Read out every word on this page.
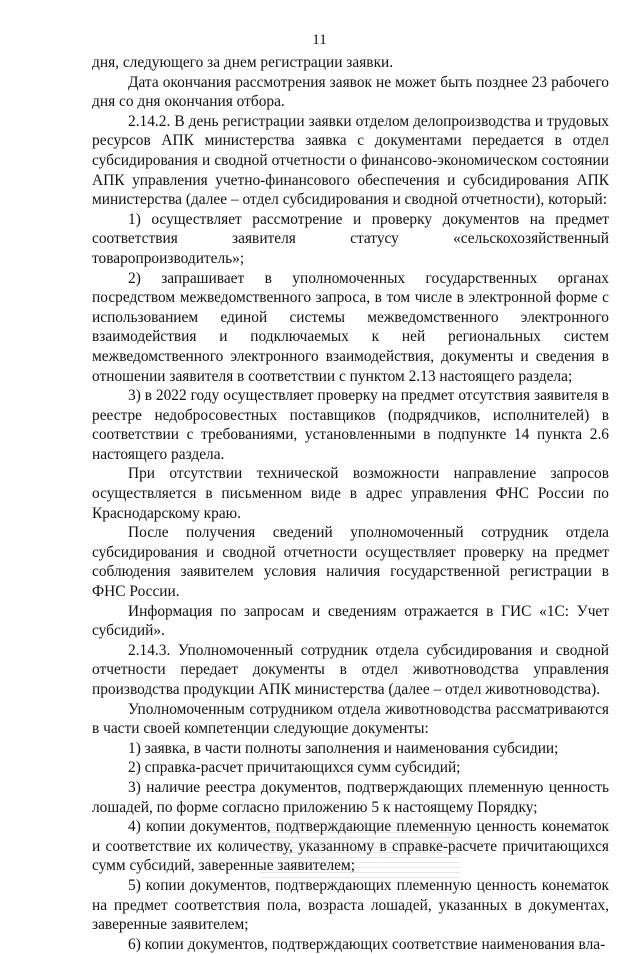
11

дня, следующего за днем регистрации заявки.

Дата окончания рассмотрения заявок не может быть позднее 23 рабочего дня со дня окончания отбора.

2.14.2. В день регистрации заявки отделом делопроизводства и трудовых ресурсов АПК министерства заявка с документами передается в отдел субсидирования и сводной отчетности о финансово-экономическом состоянии АПК управления учетно-финансового обеспечения и субсидирования АПК министерства (далее – отдел субсидирования и сводной отчетности), который:

1) осуществляет рассмотрение и проверку документов на предмет соответствия заявителя статусу «сельскохозяйственный товаропроизводитель»;

2) запрашивает в уполномоченных государственных органах посредством межведомственного запроса, в том числе в электронной форме с использованием единой системы межведомственного электронного взаимодействия и подключаемых к ней региональных систем межведомственного электронного взаимодействия, документы и сведения в отношении заявителя в соответствии с пунктом 2.13 настоящего раздела;

3) в 2022 году осуществляет проверку на предмет отсутствия заявителя в реестре недобросовестных поставщиков (подрядчиков, исполнителей) в соответствии с требованиями, установленными в подпункте 14 пункта 2.6 настоящего раздела.

При отсутствии технической возможности направление запросов осуществляется в письменном виде в адрес управления ФНС России по Краснодарскому краю.

После получения сведений уполномоченный сотрудник отдела субсидирования и сводной отчетности осуществляет проверку на предмет соблюдения заявителем условия наличия государственной регистрации в ФНС России.

Информация по запросам и сведениям отражается в ГИС «1С: Учет субсидий».

2.14.3. Уполномоченный сотрудник отдела субсидирования и сводной отчетности передает документы в отдел животноводства управления производства продукции АПК министерства (далее – отдел животноводства).

Уполномоченным сотрудником отдела животноводства рассматриваются в части своей компетенции следующие документы:

1) заявка, в части полноты заполнения и наименования субсидии;

2) справка-расчет причитающихся сумм субсидий;

3) наличие реестра документов, подтверждающих племенную ценность лошадей, по форме согласно приложению 5 к настоящему Порядку;

4) копии документов, подтверждающие племенную ценность конематок и соответствие их количеству, указанному в справке-расчете причитающихся сумм субсидий, заверенные заявителем;

5) копии документов, подтверждающих племенную ценность конематок на предмет соответствия пола, возраста лошадей, указанных в документах, заверенные заявителем;

6) копии документов, подтверждающих соответствие наименования вла-
